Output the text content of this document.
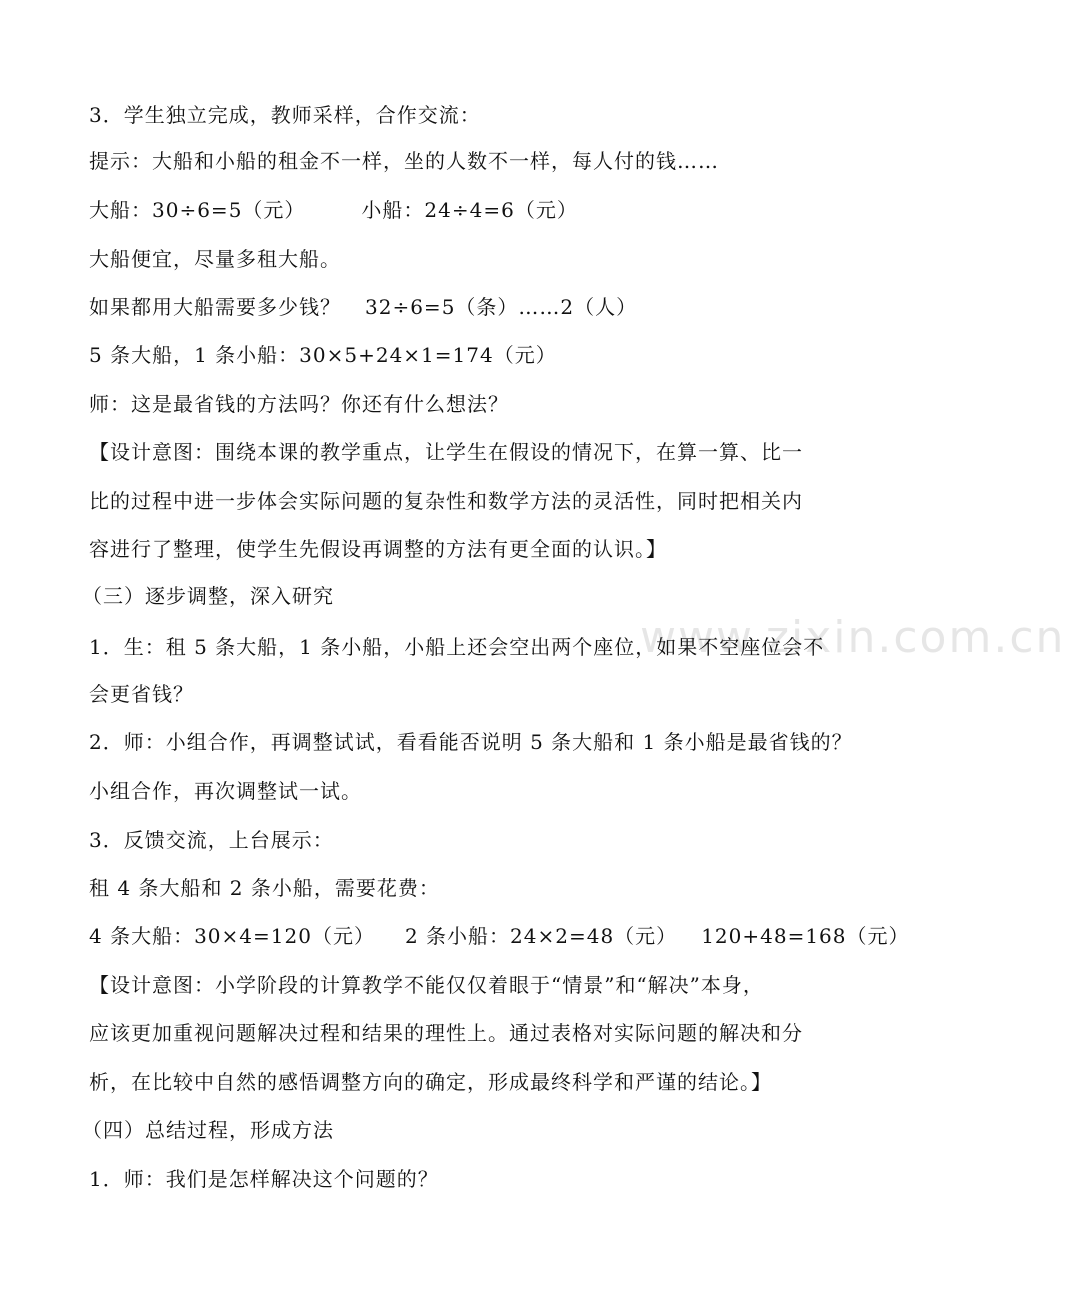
www.zixin.com.cn
3．学生独立完成，教师采样，合作交流：
提示：大船和小船的租金不一样，坐的人数不一样，每人付的钱……
大船：30÷6=5（元）	小船：24÷4=6（元）
大船便宜，尽量多租大船。
如果都用大船需要多少钱？ 32÷6=5（条）……2（人）
5 条大船，1 条小船：30×5+24×1=174（元）
师：这是最省钱的方法吗？你还有什么想法？
【设计意图：围绕本课的教学重点，让学生在假设的情况下，在算一算、比一
比的过程中进一步体会实际问题的复杂性和数学方法的灵活性，同时把相关内
容进行了整理，使学生先假设再调整的方法有更全面的认识。】
（三）逐步调整，深入研究
1．生：租 5 条大船，1 条小船，小船上还会空出两个座位，如果不空座位会不
会更省钱？
2．师：小组合作，再调整试试，看看能否说明 5 条大船和 1 条小船是最省钱的？
小组合作，再次调整试一试。
3．反馈交流，上台展示：
租 4 条大船和 2 条小船，需要花费：
4 条大船：30×4=120（元） 2 条小船：24×2=48（元） 120+48=168（元）
【设计意图：小学阶段的计算教学不能仅仅着眼于“情景”和“解决”本身，
应该更加重视问题解决过程和结果的理性上。通过表格对实际问题的解决和分
析，在比较中自然的感悟调整方向的确定，形成最终科学和严谨的结论。】
（四）总结过程，形成方法
1．师：我们是怎样解决这个问题的？
